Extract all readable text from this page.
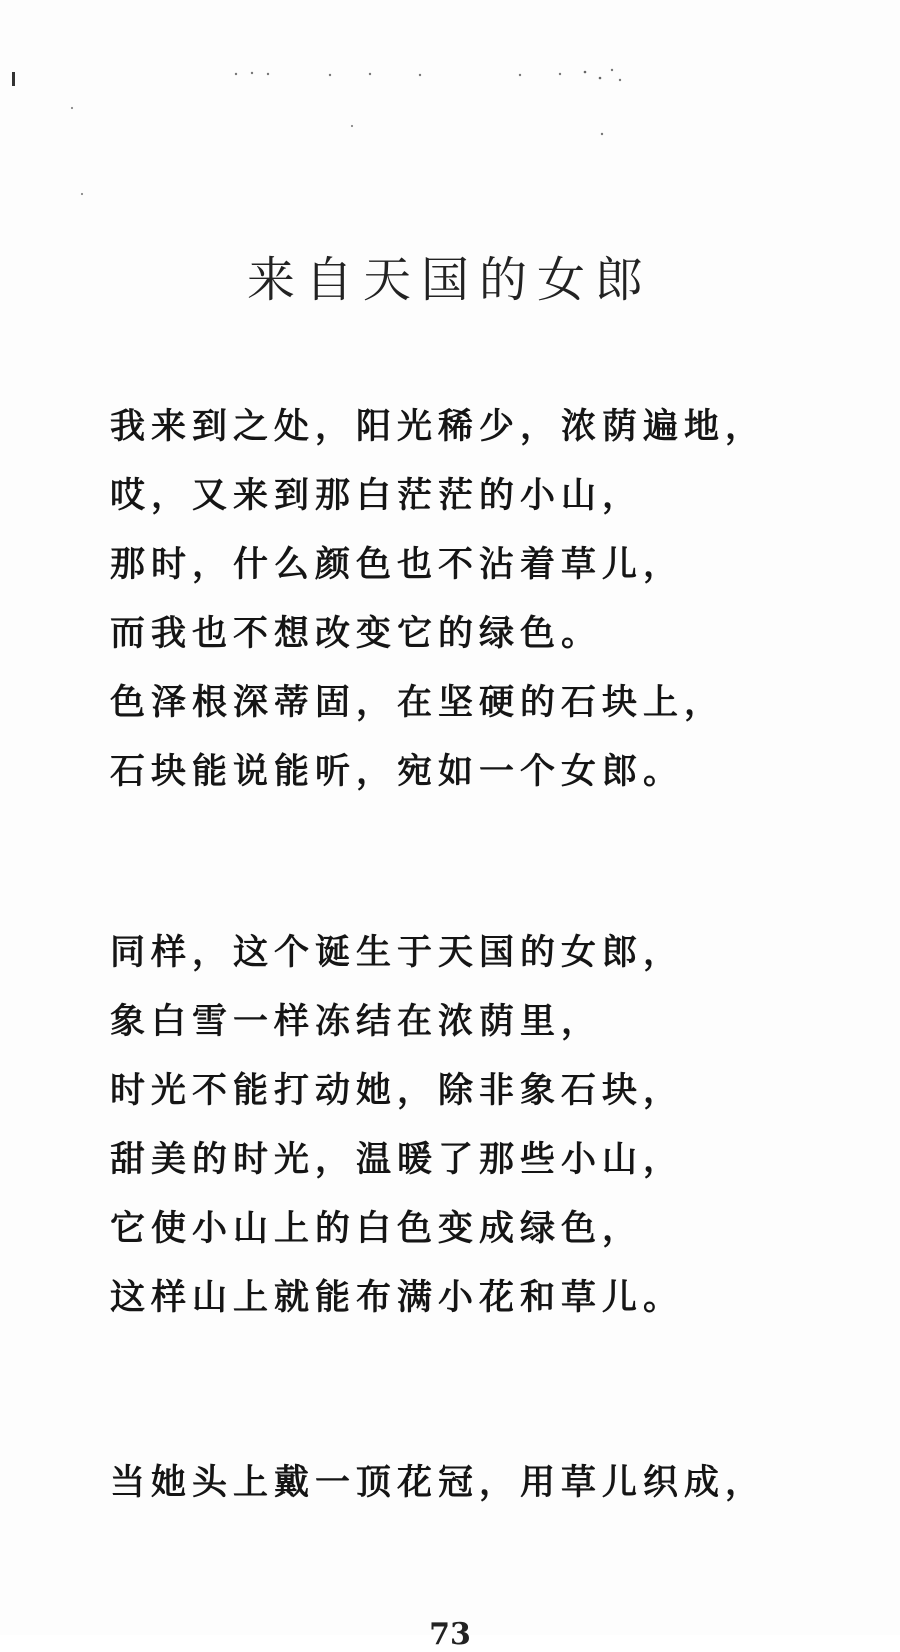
来自天国的女郎
我来到之处，阳光稀少，浓荫遍地，
哎，又来到那白茫茫的小山，
那时，什么颜色也不沾着草儿，
而我也不想改变它的绿色。
色泽根深蒂固，在坚硬的石块上，
石块能说能听，宛如一个女郎。
同样，这个诞生于天国的女郎，
象白雪一样冻结在浓荫里，
时光不能打动她，除非象石块，
甜美的时光，温暖了那些小山，
它使小山上的白色变成绿色，
这样山上就能布满小花和草儿。
当她头上戴一顶花冠，用草儿织成，
73
